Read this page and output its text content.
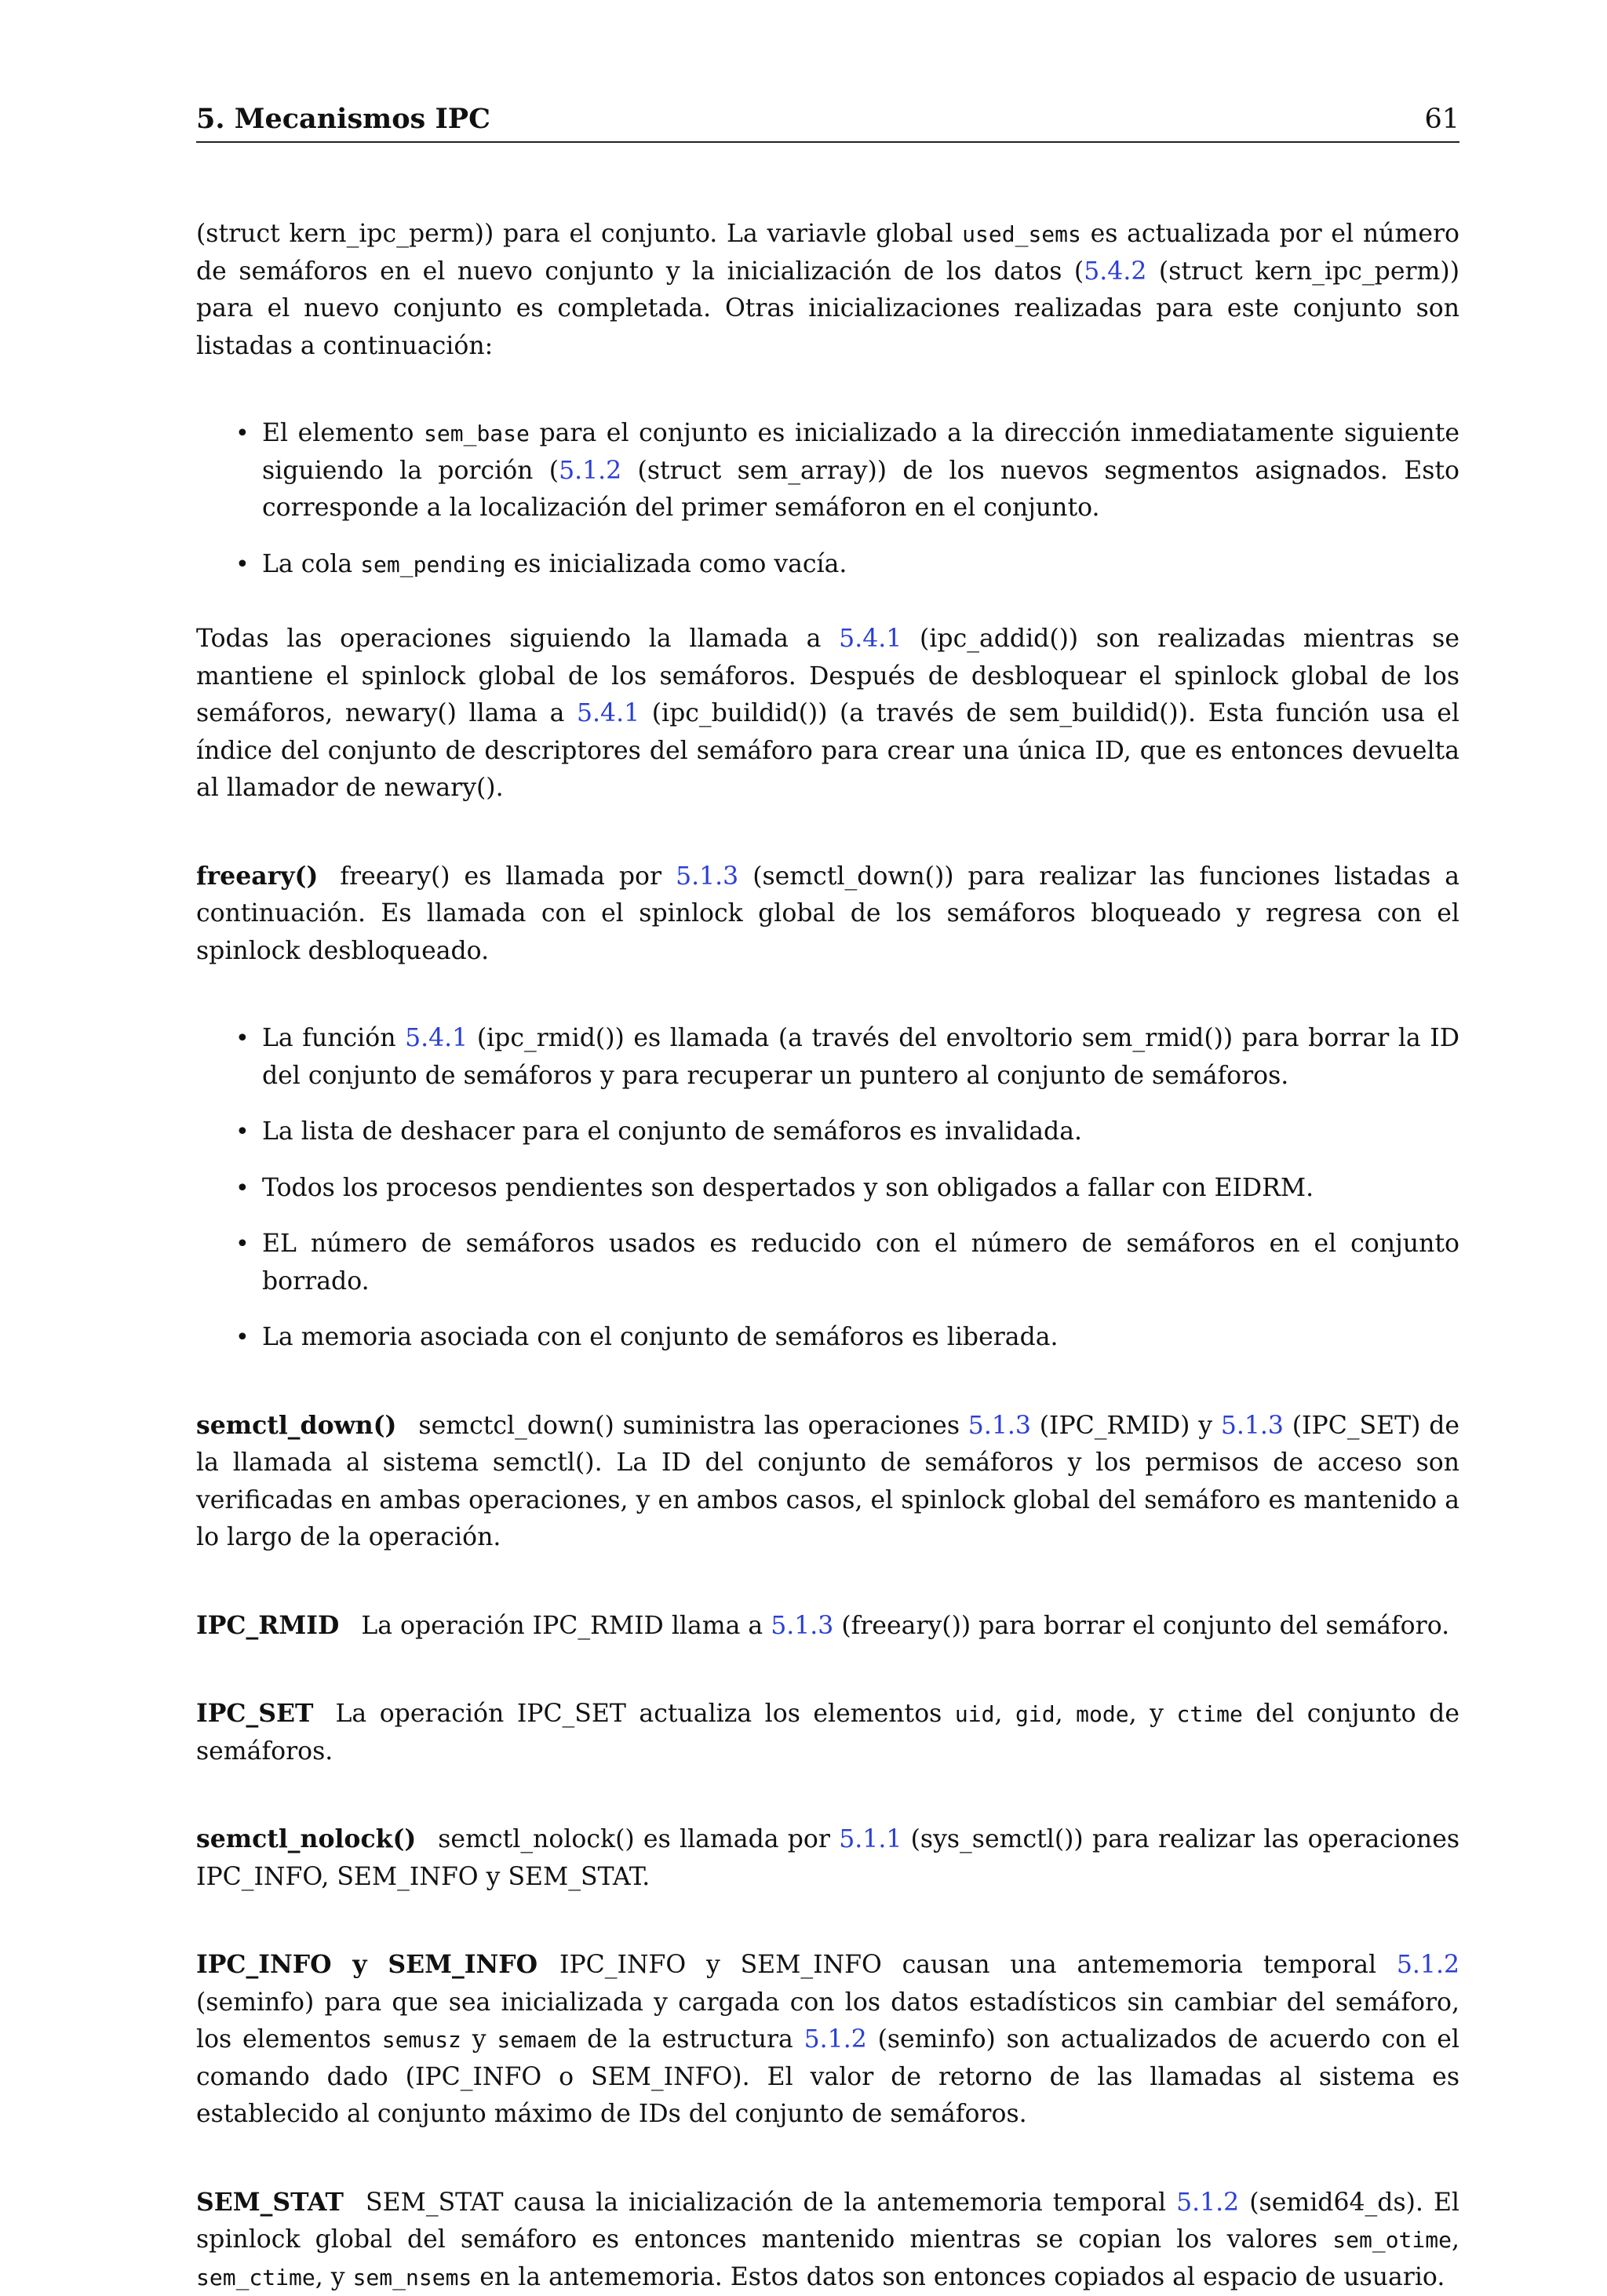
5. Mecanismos IPC	61

(struct kern_ipc_perm)) para el conjunto. La variavle global used_sems es actualizada por el número de semáforos en el nuevo conjunto y la inicialización de los datos (5.4.2 (struct kern_ipc_perm)) para el nuevo conjunto es completada. Otras inicializaciones realizadas para este conjunto son listadas a continuación:

• El elemento sem_base para el conjunto es inicializado a la dirección inmediatamente siguiente siguiendo la porción (5.1.2 (struct sem_array)) de los nuevos segmentos asignados. Esto corresponde a la localización del primer semáforon en el conjunto.
• La cola sem_pending es inicializada como vacía.

Todas las operaciones siguiendo la llamada a 5.4.1 (ipc_addid()) son realizadas mientras se mantiene el spinlock global de los semáforos. Después de desbloquear el spinlock global de los semáforos, newary() llama a 5.4.1 (ipc_buildid()) (a través de sem_buildid()). Esta función usa el índice del conjunto de descriptores del semáforo para crear una única ID, que es entonces devuelta al llamador de newary().

freeary() freeary() es llamada por 5.1.3 (semctl_down()) para realizar las funciones listadas a continuación. Es llamada con el spinlock global de los semáforos bloqueado y regresa con el spinlock desbloqueado.

• La función 5.4.1 (ipc_rmid()) es llamada (a través del envoltorio sem_rmid()) para borrar la ID del conjunto de semáforos y para recuperar un puntero al conjunto de semáforos.
• La lista de deshacer para el conjunto de semáforos es invalidada.
• Todos los procesos pendientes son despertados y son obligados a fallar con EIDRM.
• EL número de semáforos usados es reducido con el número de semáforos en el conjunto borrado.
• La memoria asociada con el conjunto de semáforos es liberada.

semctl_down() semctcl_down() suministra las operaciones 5.1.3 (IPC_RMID) y 5.1.3 (IPC_SET) de la llamada al sistema semctl(). La ID del conjunto de semáforos y los permisos de acceso son verificadas en ambas operaciones, y en ambos casos, el spinlock global del semáforo es mantenido a lo largo de la operación.

IPC_RMID La operación IPC_RMID llama a 5.1.3 (freeary()) para borrar el conjunto del semáforo.

IPC_SET La operación IPC_SET actualiza los elementos uid, gid, mode, y ctime del conjunto de semáforos.

semctl_nolock() semctl_nolock() es llamada por 5.1.1 (sys_semctl()) para realizar las operaciones IPC_INFO, SEM_INFO y SEM_STAT.

IPC_INFO y SEM_INFO IPC_INFO y SEM_INFO causan una antememoria temporal 5.1.2 (seminfo) para que sea inicializada y cargada con los datos estadísticos sin cambiar del semáforo, los elementos semusz y semaem de la estructura 5.1.2 (seminfo) son actualizados de acuerdo con el comando dado (IPC_INFO o SEM_INFO). El valor de retorno de las llamadas al sistema es establecido al conjunto máximo de IDs del conjunto de semáforos.

SEM_STAT SEM_STAT causa la inicialización de la antememoria temporal 5.1.2 (semid64_ds). El spinlock global del semáforo es entonces mantenido mientras se copian los valores sem_otime, sem_ctime, y sem_nsems en la antememoria. Estos datos son entonces copiados al espacio de usuario.
